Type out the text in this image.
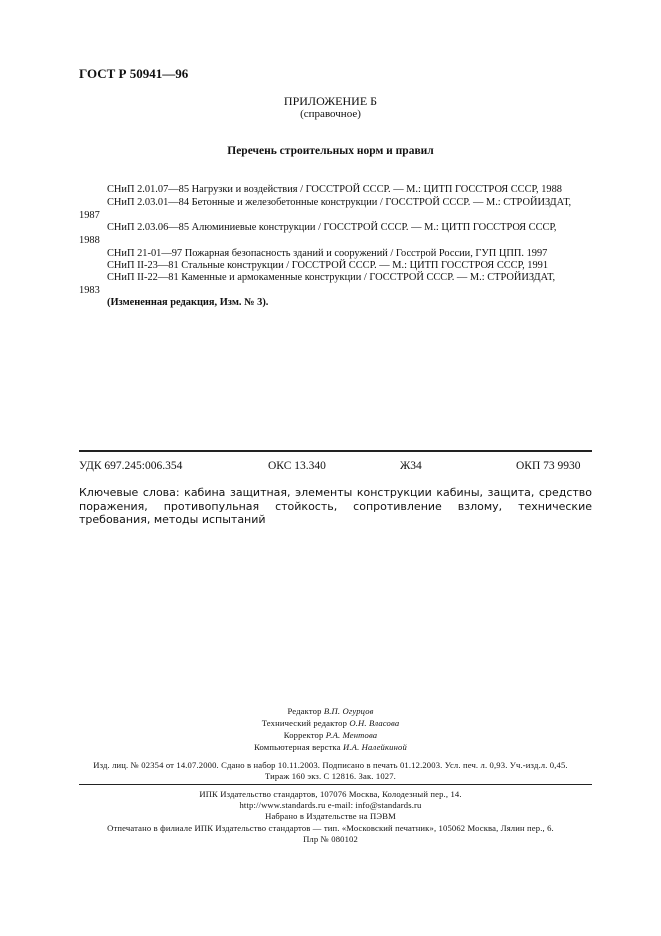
ГОСТ Р 50941—96
ПРИЛОЖЕНИЕ Б
(справочное)
Перечень строительных норм и правил
СНиП 2.01.07—85 Нагрузки и воздействия / ГОССТРОЙ СССР. — М.: ЦИТП ГОССТРОЯ СССР, 1988
СНиП 2.03.01—84 Бетонные и железобетонные конструкции / ГОССТРОЙ СССР. — М.: СТРОЙИЗДАТ,
1987
СНиП 2.03.06—85 Алюминиевые конструкции / ГОССТРОЙ СССР. — М.: ЦИТП ГОССТРОЯ СССР,
1988
СНиП 21-01—97 Пожарная безопасность зданий и сооружений / Госстрой России, ГУП ЦПП. 1997
СНиП II-23—81 Стальные конструкции / ГОССТРОЙ СССР. — М.: ЦИТП ГОССТРОЯ СССР, 1991
СНиП II-22—81 Каменные и армокаменные конструкции / ГОССТРОЙ СССР. — М.: СТРОЙИЗДАТ,
1983
(Измененная редакция, Изм. № 3).
УДК 697.245:006.354	ОКС 13.340	Ж34	ОКП 73 9930
Ключевые слова: кабина защитная, элементы конструкции кабины, защита, средство поражения, противопульная стойкость, сопротивление взлому, технические требования, методы испытаний
Редактор В.П. Огурцов
Технический редактор О.Н. Власова
Корректор Р.А. Ментова
Компьютерная верстка И.А. Налейкиной
Изд. лиц. № 02354 от 14.07.2000. Сдано в набор 10.11.2003. Подписано в печать 01.12.2003. Усл. печ. л. 0,93. Уч.-изд.л. 0,45.
Тираж 160 экз. С 12816. Зак. 1027.
ИПК Издательство стандартов, 107076 Москва, Колодезный пер., 14.
http://www.standards.ru e-mail: info@standards.ru
Набрано в Издательстве на ПЭВМ
Отпечатано в филиале ИПК Издательство стандартов — тип. «Московский печатник», 105062 Москва, Лялин пер., 6.
Плр № 080102
